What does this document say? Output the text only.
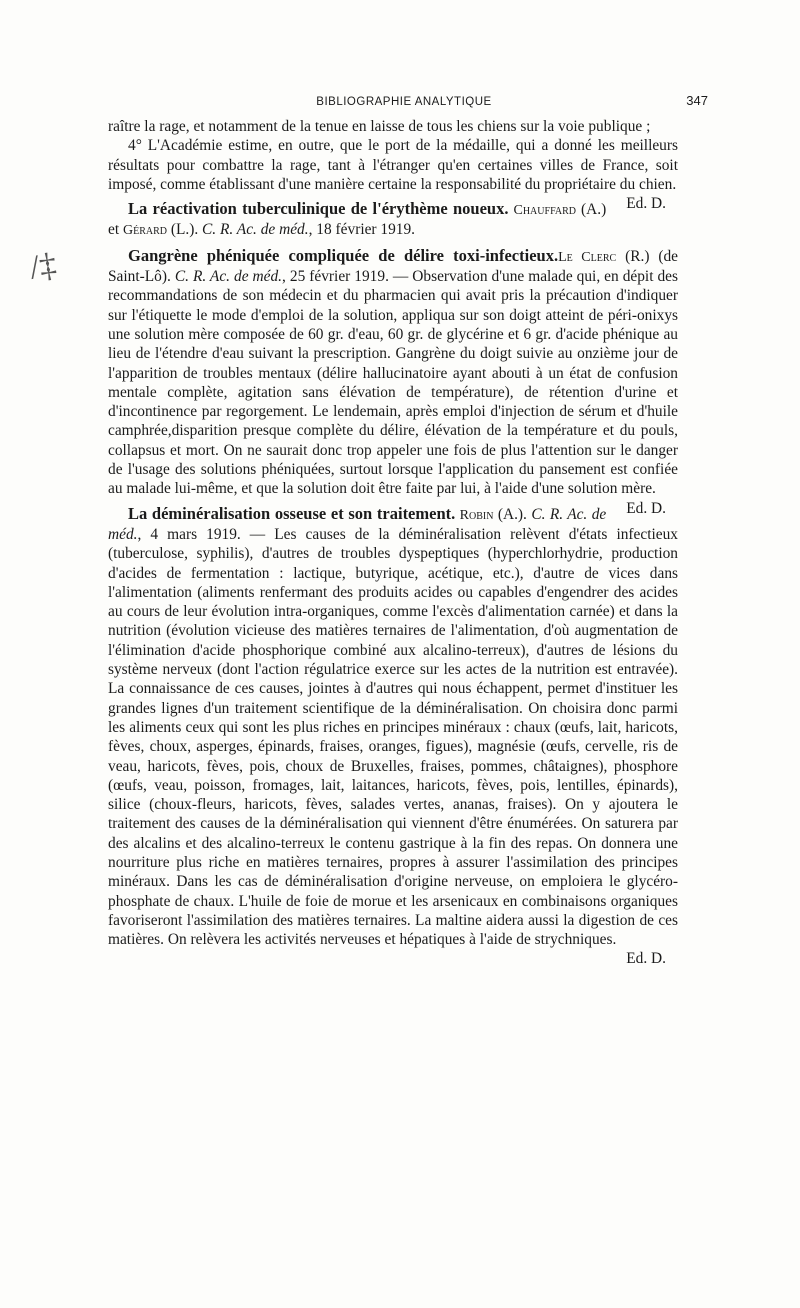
/‡
BIBLIOGRAPHIE ANALYTIQUE	347

raître la rage, et notamment de la tenue en laisse de tous les chiens sur la voie publique ;

4° L'Académie estime, en outre, que le port de la médaille, qui a donné les meilleurs résultats pour combattre la rage, tant à l'étranger qu'en certaines villes de France, soit imposé, comme établissant d'une manière certaine la responsabilité du propriétaire du chien.
Ed. D.

La réactivation tuberculinique de l'érythème noueux. Chauffard (A.) et Gérard (L.). C. R. Ac. de méd., 18 février 1919.

Gangrène phéniquée compliquée de délire toxi-infectieux.Le Clerc (R.) (de Saint-Lô). C. R. Ac. de méd., 25 février 1919. — Observation d'une malade qui, en dépit des recommandations de son médecin et du pharmacien qui avait pris la précaution d'indiquer sur l'étiquette le mode d'emploi de la solution, appliqua sur son doigt atteint de péri-onixys une solution mère composée de 60 gr. d'eau, 60 gr. de glycérine et 6 gr. d'acide phénique au lieu de l'étendre d'eau suivant la prescription. Gangrène du doigt suivie au onzième jour de l'apparition de troubles mentaux (délire hallucinatoire ayant abouti à un état de confusion mentale complète, agitation sans élévation de température), de rétention d'urine et d'incontinence par regorgement. Le lendemain, après emploi d'injection de sérum et d'huile camphrée,disparition presque complète du délire, élévation de la température et du pouls, collapsus et mort. On ne saurait donc trop appeler une fois de plus l'attention sur le danger de l'usage des solutions phéniquées, surtout lorsque l'application du pansement est confiée au malade lui-même, et que la solution doit être faite par lui, à l'aide d'une solution mère.
Ed. D.

La déminéralisation osseuse et son traitement. Robin (A.). C. R. Ac. de méd., 4 mars 1919. — Les causes de la déminéralisation relèvent d'états infectieux (tuberculose, syphilis), d'autres de troubles dyspeptiques (hyperchlorhydrie, production d'acides de fermentation : lactique, butyrique, acétique, etc.), d'autre de vices dans l'alimentation (aliments renfermant des produits acides ou capables d'engendrer des acides au cours de leur évolution intra-organiques, comme l'excès d'alimentation carnée) et dans la nutrition (évolution vicieuse des matières ternaires de l'alimentation, d'où augmentation de l'élimination d'acide phosphorique combiné aux alcalino-terreux), d'autres de lésions du système nerveux (dont l'action régulatrice exerce sur les actes de la nutrition est entravée). La connaissance de ces causes, jointes à d'autres qui nous échappent, permet d'instituer les grandes lignes d'un traitement scientifique de la déminéralisation. On choisira donc parmi les aliments ceux qui sont les plus riches en principes minéraux : chaux (œufs, lait, haricots, fèves, choux, asperges, épinards, fraises, oranges, figues), magnésie (œufs, cervelle, ris de veau, haricots, fèves, pois, choux de Bruxelles, fraises, pommes, châtaignes), phosphore (œufs, veau, poisson, fromages, lait, laitances, haricots, fèves, pois, lentilles, épinards), silice (choux-fleurs, haricots, fèves, salades vertes, ananas, fraises). On y ajoutera le traitement des causes de la déminéralisation qui viennent d'être énumérées. On saturera par des alcalins et des alcalino-terreux le contenu gastrique à la fin des repas. On donnera une nourriture plus riche en matières ternaires, propres à assurer l'assimilation des principes minéraux. Dans les cas de déminéralisation d'origine nerveuse, on emploiera le glycéro-phosphate de chaux. L'huile de foie de morue et les arsenicaux en combinaisons organiques favoriseront l'assimilation des matières ternaires. La maltine aidera aussi la digestion de ces matières. On relèvera les activités nerveuses et hépatiques à l'aide de strychniques.
Ed. D.
